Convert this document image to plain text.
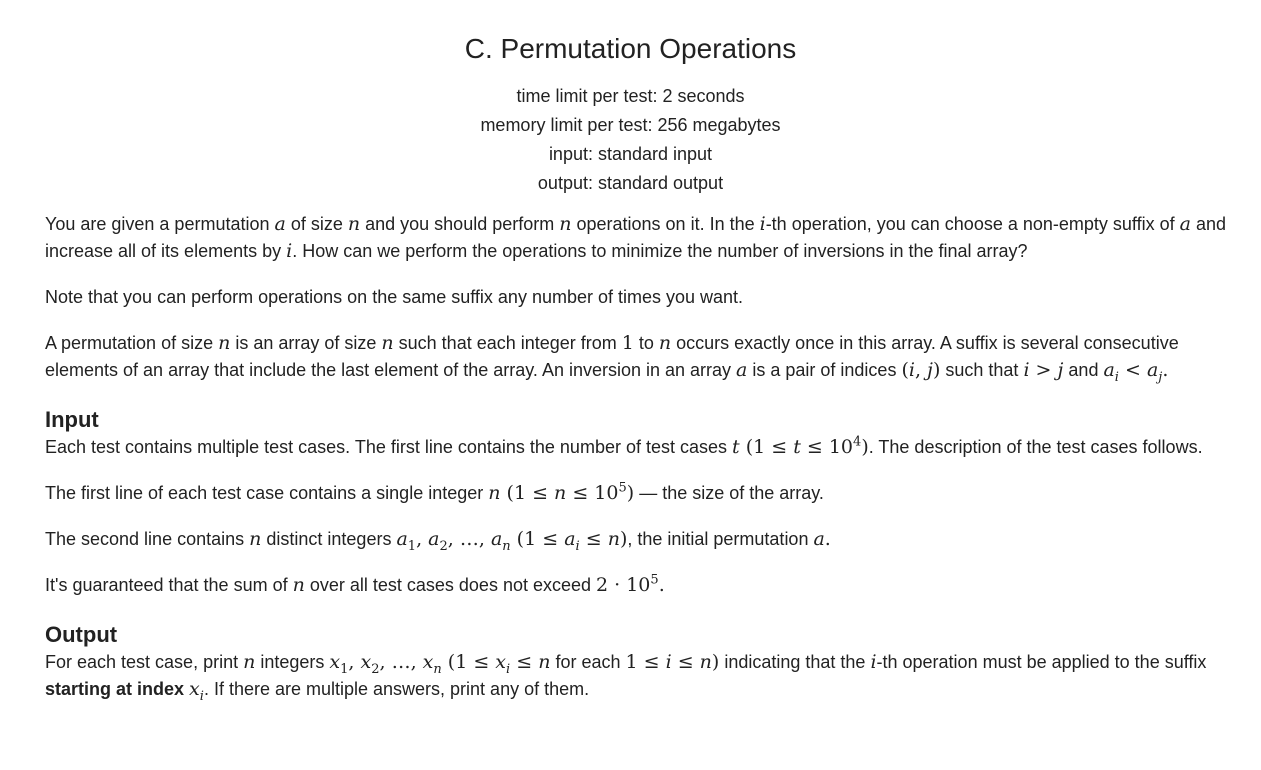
C. Permutation Operations
time limit per test: 2 seconds
memory limit per test: 256 megabytes
input: standard input
output: standard output

You are given a permutation a of size n and you should perform n operations on it. In the i-th operation, you can choose a non-empty suffix of a and increase all of its elements by i. How can we perform the operations to minimize the number of inversions in the final array?

Note that you can perform operations on the same suffix any number of times you want.

A permutation of size n is an array of size n such that each integer from 1 to n occurs exactly once in this array. A suffix is several consecutive elements of an array that include the last element of the array. An inversion in an array a is a pair of indices (i, j) such that i > j and $a_i < a_j$.

Input

Each test contains multiple test cases. The first line contains the number of test cases t $(1 \le t \le 10^4)$. The description of the test cases follows.

The first line of each test case contains a single integer n $(1 \le n \le 10^5)$ — the size of the array.

The second line contains n distinct integers $a_1$, $a_2$, …, $a_n$ $(1 \le a_i \le n)$, the initial permutation a.

It's guaranteed that the sum of n over all test cases does not exceed $2 \cdot 10^5$.

Output

For each test case, print n integers $x_1$, $x_2$, …, $x_n$ ($1 \le x_i \le n$ for each 1 ≤ i ≤ n) indicating that the i-th operation must be applied to the suffix starting at index $x_i$. If there are multiple answers, print any of them.
